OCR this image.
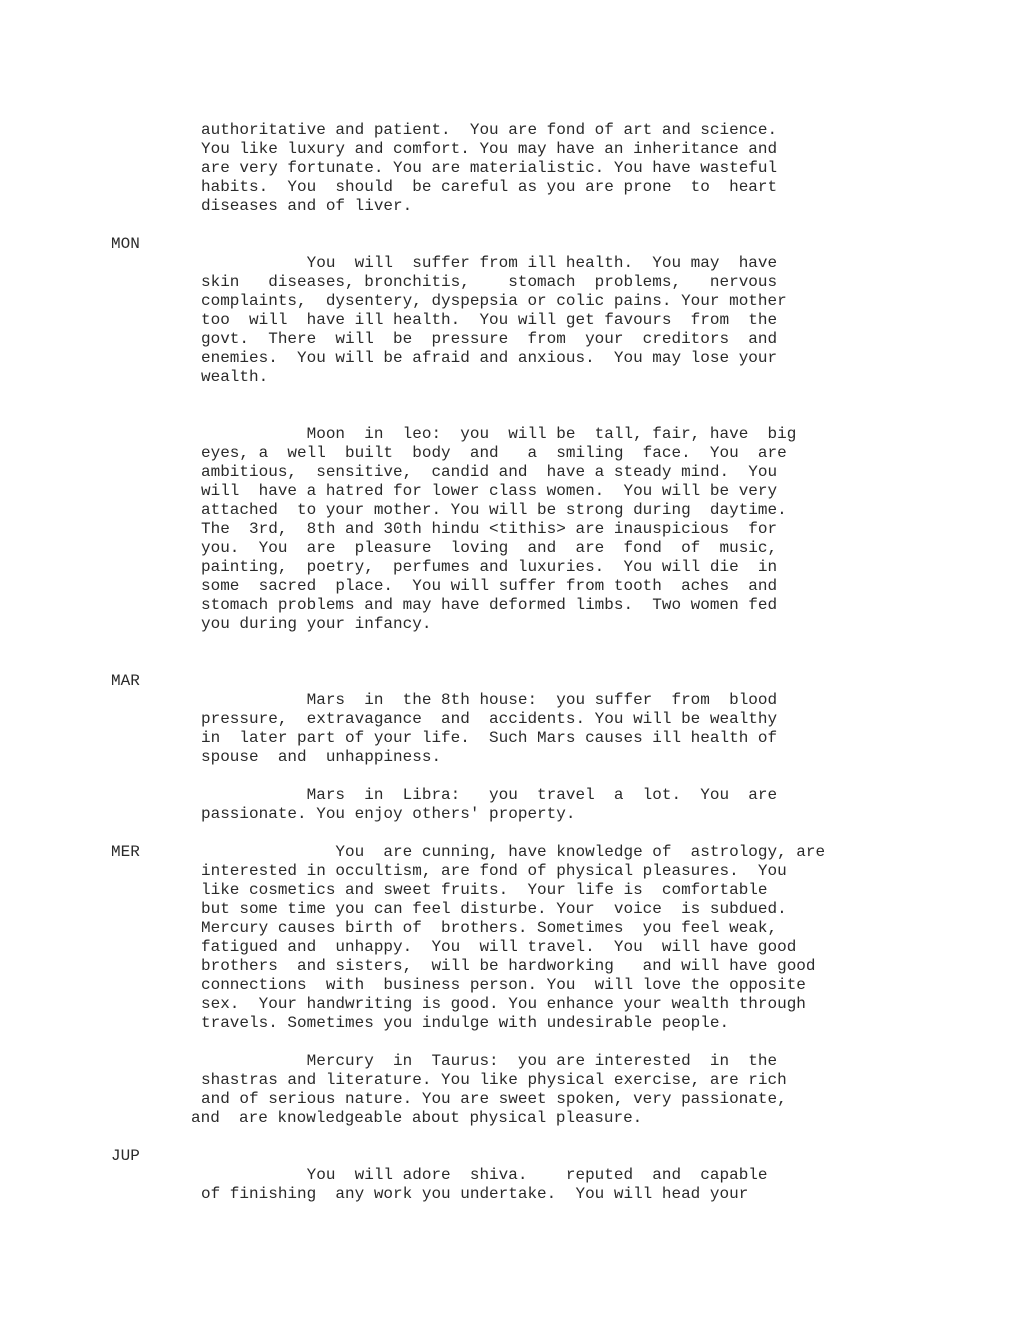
authoritative and patient.  You are fond of art and science.
You like luxury and comfort. You may have an inheritance and
are very fortunate. You are materialistic. You have wasteful
habits.  You  should  be careful as you are prone  to  heart
diseases and of liver.
MON
You  will  suffer from ill health.  You may  have
skin   diseases, bronchitis,    stomach  problems,   nervous
complaints,  dysentery, dyspepsia or colic pains. Your mother
too  will  have ill health.  You will get favours  from  the
govt.  There  will  be  pressure  from  your  creditors  and
enemies.  You will be afraid and anxious.  You may lose your
wealth.
Moon  in  leo:  you  will be  tall, fair, have  big
eyes, a  well  built  body  and   a  smiling  face.  You  are
ambitious,  sensitive,  candid and  have a steady mind.  You
will  have a hatred for lower class women.  You will be very
attached  to your mother. You will be strong during  daytime.
The  3rd,  8th and 30th hindu <tithis> are inauspicious  for
you.  You  are  pleasure  loving  and  are  fond  of  music,
painting,  poetry,  perfumes and luxuries.  You will die  in
some  sacred  place.  You will suffer from tooth  aches  and
stomach problems and may have deformed limbs.  Two women fed
you during your infancy.
MAR
Mars  in  the 8th house:  you suffer  from  blood
pressure,  extravagance  and  accidents. You will be wealthy
in  later part of your life.  Such Mars causes ill health of
spouse  and  unhappiness.
Mars  in  Libra:   you  travel  a  lot.  You  are
passionate. You enjoy others' property.
MER	You  are cunning, have knowledge of  astrology, are
interested in occultism, are fond of physical pleasures.  You
like cosmetics and sweet fruits.  Your life is  comfortable
but some time you can feel disturbe. Your  voice  is subdued.
Mercury causes birth of  brothers. Sometimes  you feel weak,
fatigued and  unhappy.  You  will travel.  You  will have good
brothers  and sisters,  will be hardworking   and will have good
connections  with  business person. You  will love the opposite
sex.  Your handwriting is good. You enhance your wealth through
travels. Sometimes you indulge with undesirable people.
Mercury  in  Taurus:  you are interested  in  the
shastras and literature. You like physical exercise, are rich
and of serious nature. You are sweet spoken, very passionate,
and  are knowledgeable about physical pleasure.
JUP
You  will adore  shiva.    reputed  and  capable
of finishing  any work you undertake.  You will head your
